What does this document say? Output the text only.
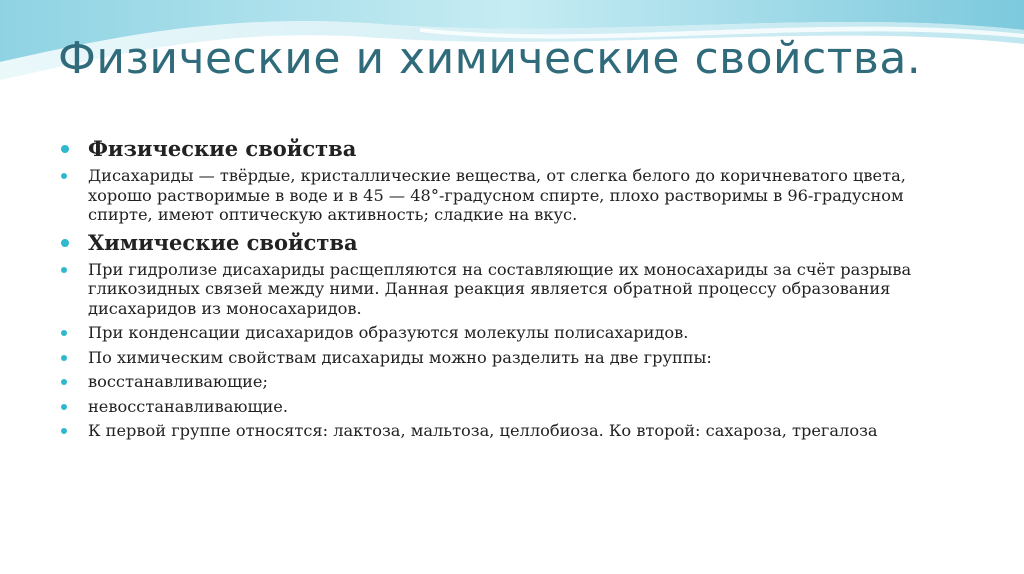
Физические и химические свойства.
Физические свойства
Дисахариды — твёрдые, кристаллические вещества, от слегка белого до коричневатого цвета, хорошо растворимые в воде и в 45 — 48°-градусном спирте, плохо растворимы в 96-градусном спирте, имеют оптическую активность; сладкие на вкус.
Химические свойства
При гидролизе дисахариды расщепляются на составляющие их моносахариды за счёт разрыва гликозидных связей между ними. Данная реакция является обратной процессу образования дисахаридов из моносахаридов.
При конденсации дисахаридов образуются молекулы полисахаридов.
По химическим свойствам дисахариды можно разделить на две группы:
восстанавливающие;
невосстанавливающие.
К первой группе относятся: лактоза, мальтоза, целлобиоза. Ко второй: сахароза, трегалоза
